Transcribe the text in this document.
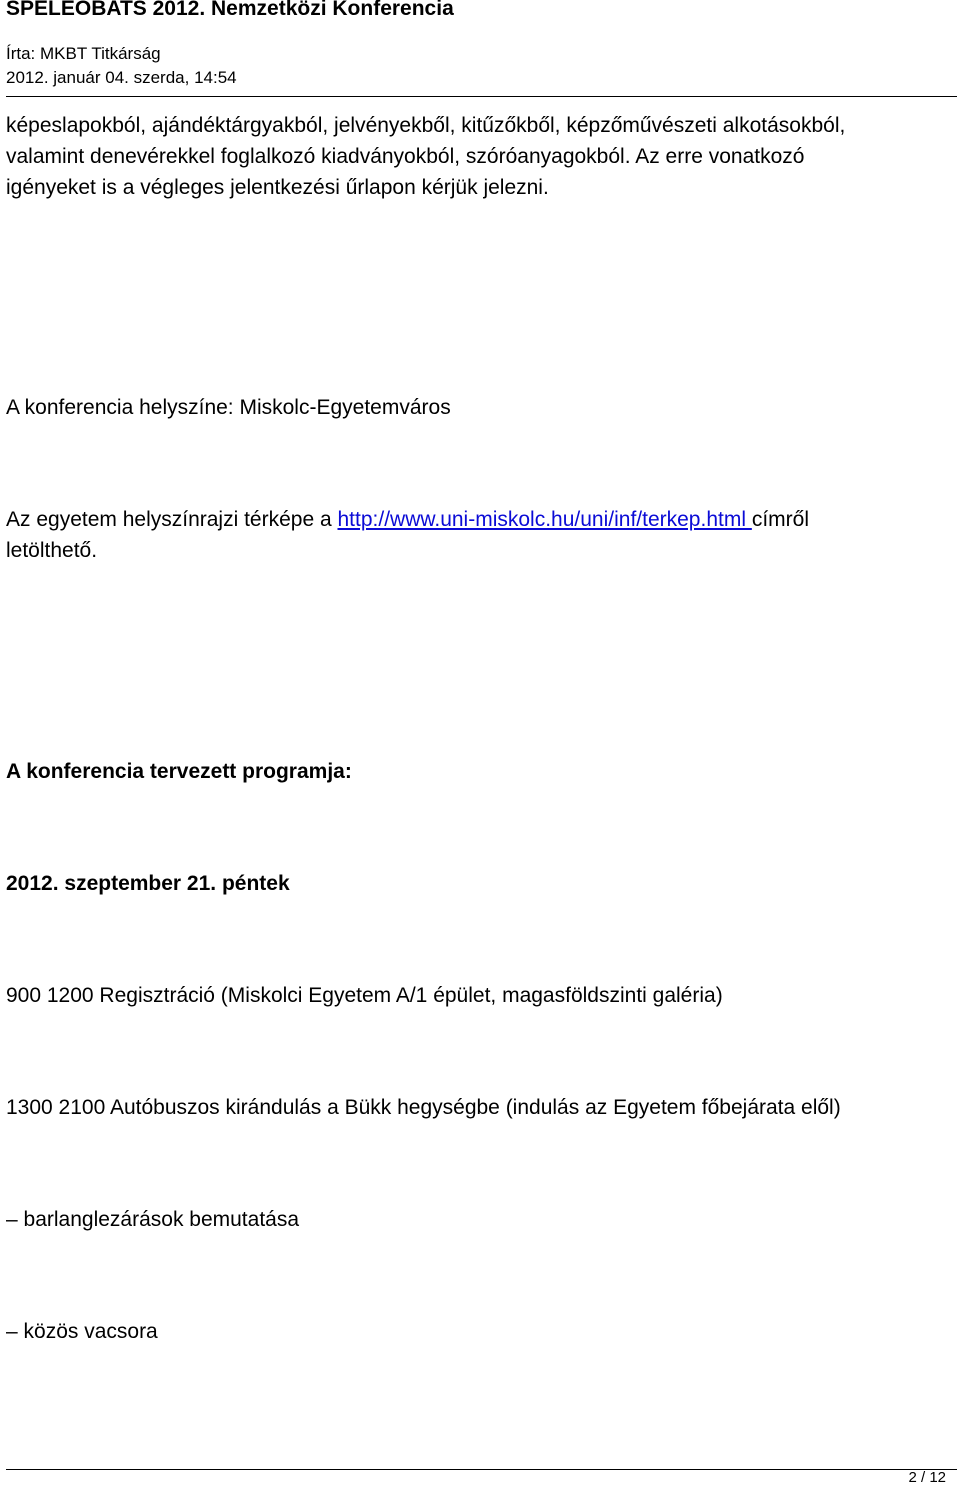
SPELEOBATS 2012. Nemzetközi Konferencia
Írta: MKBT Titkárság
2012. január 04. szerda, 14:54

képeslapokból, ajándéktárgyakból, jelvényekből, kitűzőkből, képzőművészeti alkotásokból,

valamint denevérekkel foglalkozó kiadványokból, szóróanyagokból. Az erre vonatkozó

igényeket is a végleges jelentkezési űrlapon kérjük jelezni.

A konferencia helyszíne: Miskolc-Egyetemváros

Az egyetem helyszínrajzi térképe a http://www.uni-miskolc.hu/uni/inf/terkep.html címről

letölthető.

A konferencia tervezett programja:
2012. szeptember 21. péntek
900 1200 Regisztráció (Miskolci Egyetem A/1 épület, magasföldszinti galéria)
1300 2100 Autóbuszos kirándulás a Bükk hegységbe (indulás az Egyetem főbejárata elől)
– barlanglezárások bemutatása
– közös vacsora
2 / 12
